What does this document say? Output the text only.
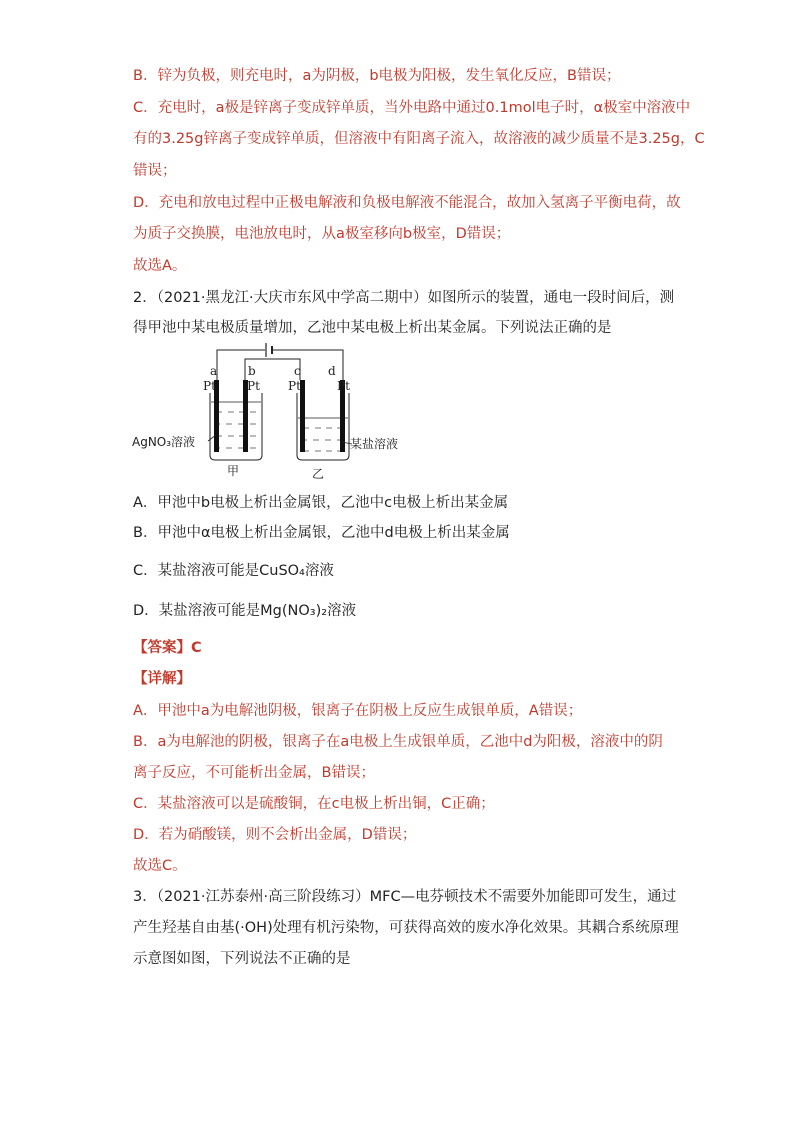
B．锌为负极，则充电时，a为阴极，b电极为阳极，发生氧化反应，B错误；
C．充电时，a极是锌离子变成锌单质，当外电路中通过0.1mol电子时，α极室中溶液中
有的3.25g锌离子变成锌单质，但溶液中有阳离子流入，故溶液的减少质量不是3.25g，C
错误；
D．充电和放电过程中正极电解液和负极电解液不能混合，故加入氢离子平衡电荷，故
为质子交换膜，电池放电时，从a极室移向b极室，D错误；
故选A。
2．（2021·黑龙江·大庆市东风中学高二期中）如图所示的装置，通电一段时间后，测
得甲池中某电极质量增加，乙池中某电极上析出某金属。下列说法正确的是
a	b	c d
Pt	Pt Pt	Pt
AgNO₃溶液	某盐溶液
甲	乙
A．甲池中b电极上析出金属银，乙池中c电极上析出某金属
B．甲池中α电极上析出金属银，乙池中d电极上析出某金属
C．某盐溶液可能是CuSO₄溶液
D．某盐溶液可能是Mg(NO₃)₂溶液
【答案】C
【详解】
A．甲池中a为电解池阴极，银离子在阴极上反应生成银单质，A错误；
B．a为电解池的阴极，银离子在a电极上生成银单质，乙池中d为阳极，溶液中的阴
离子反应，不可能析出金属，B错误；
C．某盐溶液可以是硫酸铜，在c电极上析出铜，C正确；
D．若为硝酸镁，则不会析出金属，D错误；
故选C。
3．（2021·江苏泰州·高三阶段练习）MFC—电芬顿技术不需要外加能即可发生，通过
产生羟基自由基(·OH)处理有机污染物，可获得高效的废水净化效果。其耦合系统原理
示意图如图，下列说法不正确的是
